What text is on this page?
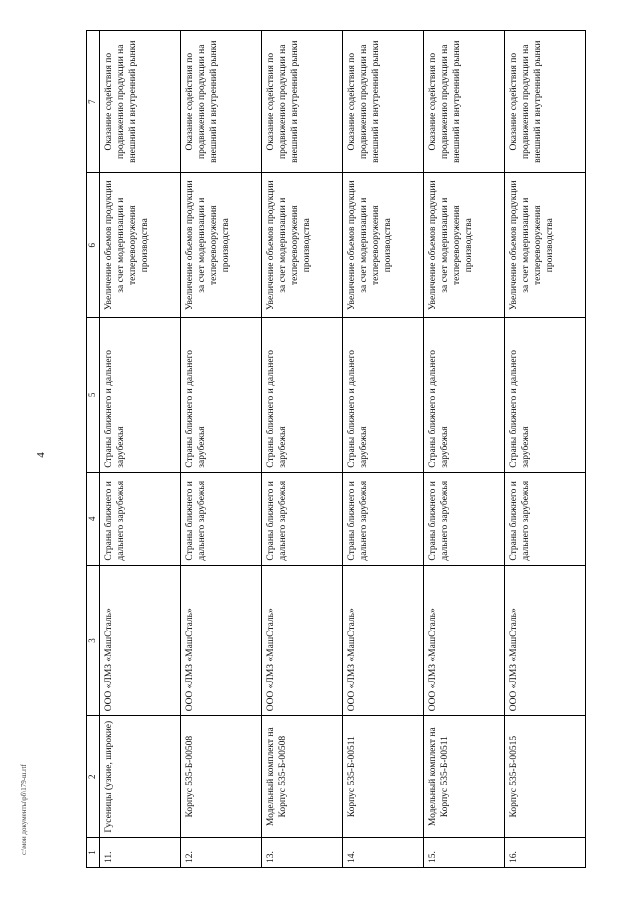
4
c:\мои документы\рб\179-ш.rtf	1	2	3	4	5	6	7
11.	Гусеницы (узкие, широкие)	ООО «ЛМЗ «МашСталь»	Страны ближнего и дальнего зарубежья	Страны ближнего и дальнего зарубежья	Увеличение объемов продукции за счет модернизации и техперевооружения производства	Оказание содействия по продвижению продукции на внешний и внутренний рынки
12.	Корпус 535-Б-00508	ООО «ЛМЗ «МашСталь»	Страны ближнего и дальнего зарубежья	Страны ближнего и дальнего зарубежья	Увеличение объемов продукции за счет модернизации и техперевооружения производства	Оказание содействия по продвижению продукции на внешний и внутренний рынки
13.	Модельный комплект на Корпус 535-Б-00508	ООО «ЛМЗ «МашСталь»	Страны ближнего и дальнего зарубежья	Страны ближнего и дальнего зарубежья	Увеличение объемов продукции за счет модернизации и техперевооружения производства	Оказание содействия по продвижению продукции на внешний и внутренний рынки
14.	Корпус 535-Б-00511	ООО «ЛМЗ «МашСталь»	Страны ближнего и дальнего зарубежья	Страны ближнего и дальнего зарубежья	Увеличение объемов продукции за счет модернизации и техперевооружения производства	Оказание содействия по продвижению продукции на внешний и внутренний рынки
15.	Модельный комплект на Корпус 535-Б-00511	ООО «ЛМЗ «МашСталь»	Страны ближнего и дальнего зарубежья	Страны ближнего и дальнего зарубежья	Увеличение объемов продукции за счет модернизации и техперевооружения производства	Оказание содействия по продвижению продукции на внешний и внутренний рынки
16.	Корпус 535-Б-00515	ООО «ЛМЗ «МашСталь»	Страны ближнего и дальнего зарубежья	Страны ближнего и дальнего зарубежья	Увеличение объемов продукции за счет модернизации и техперевооружения производства	Оказание содействия по продвижению продукции на внешний и внутренний рынки
